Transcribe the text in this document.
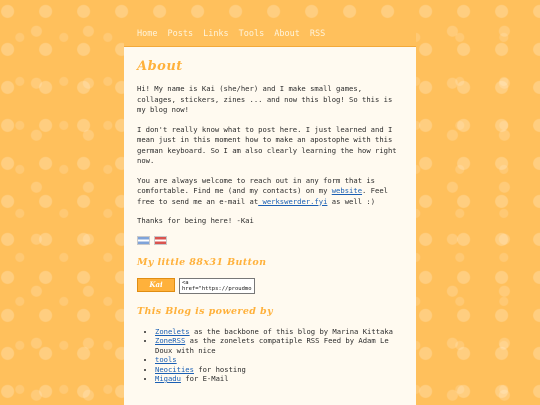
Home Posts Links Tools About RSS
About

Hi! My name is Kai (she/her) and I make small games, collages, stickers, zines ... and now this blog! So this is my blog now!

I don't really know what to post here. I just learned and I mean just in this moment how to make an apostophe with this german keyboard. So I am also clearly learning the how right now.

You are always welcome to reach out in any form that is comfortable. Find me (and my contacts) on my website. Feel free to send me an e-mail at werkswerder.fyi as well :)

Thanks for being here! -Kai

My little 88x31 Button
Kai	<a
href="https://proudmo
This Blog is powered by
• Zonelets as the backbone of this blog by Marina Kittaka
• ZoneRSS as the zonelets compatiple RSS Feed by Adam Le Doux with nice
• tools
• Neocities for hosting
• Migadu for E-Mail
